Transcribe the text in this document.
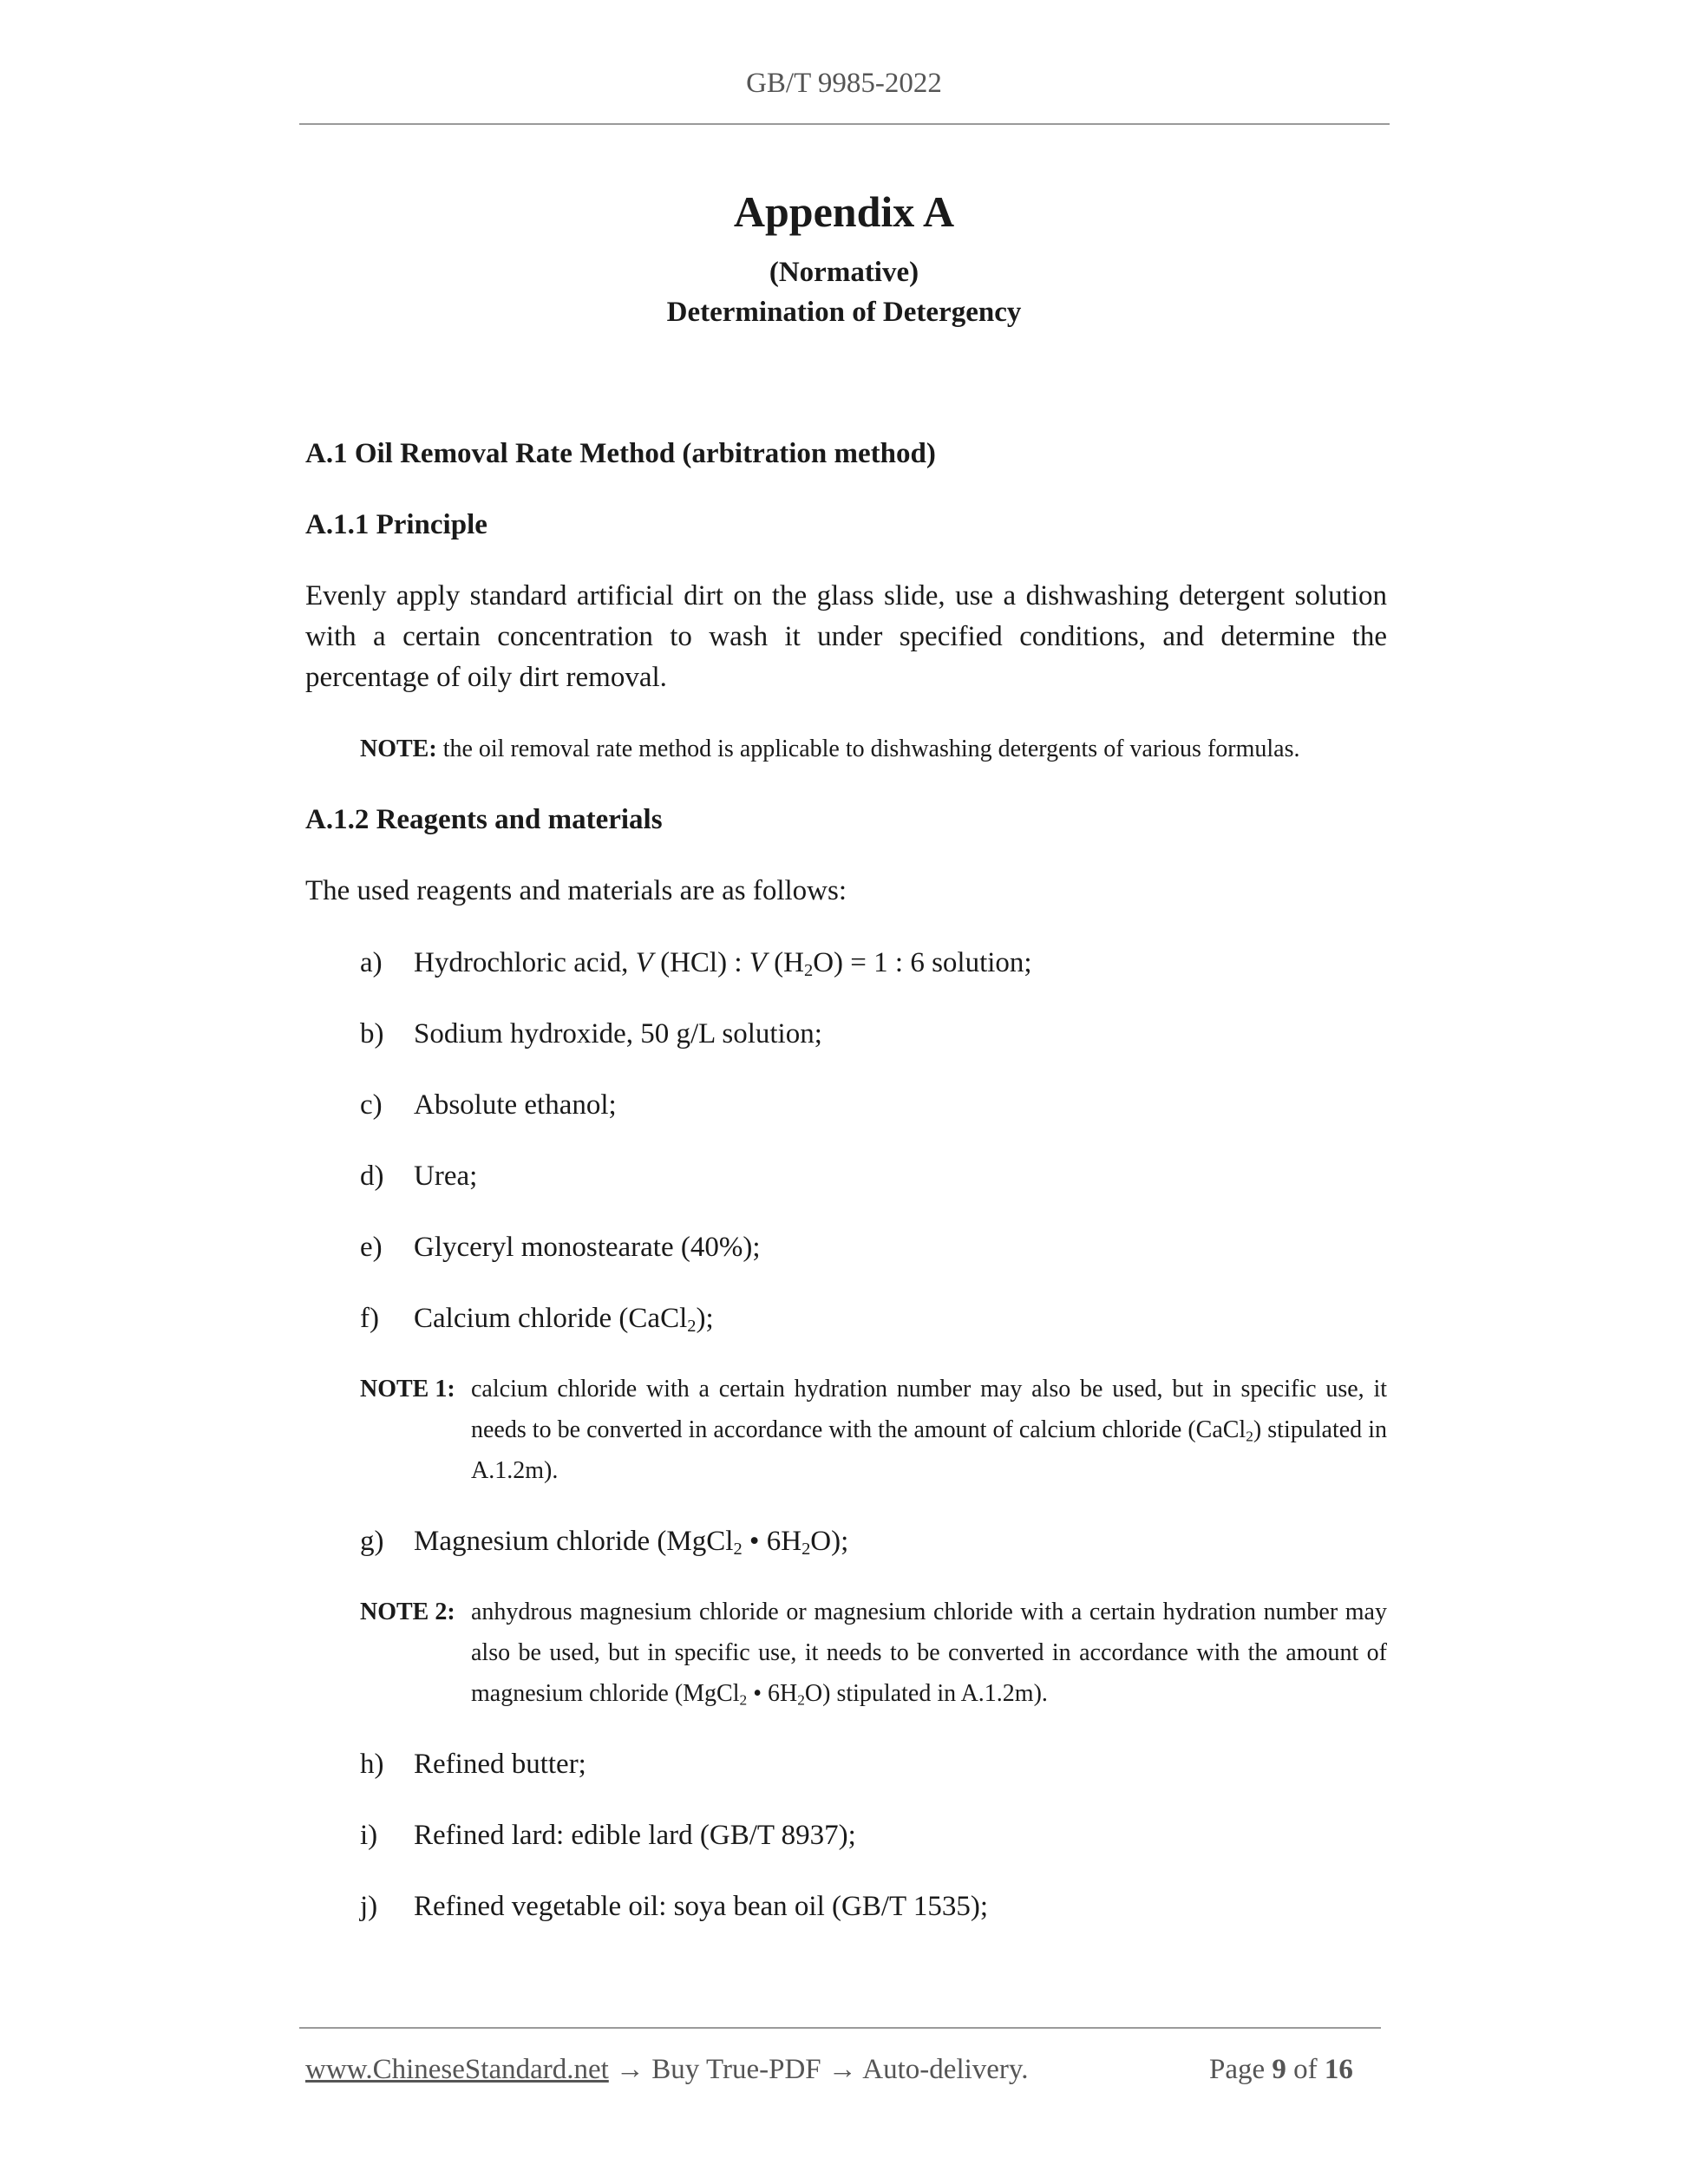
GB/T 9985-2022
Appendix A
(Normative)
Determination of Detergency
A.1 Oil Removal Rate Method (arbitration method)
A.1.1 Principle
Evenly apply standard artificial dirt on the glass slide, use a dishwashing detergent solution with a certain concentration to wash it under specified conditions, and determine the percentage of oily dirt removal.
NOTE: the oil removal rate method is applicable to dishwashing detergents of various formulas.
A.1.2 Reagents and materials
The used reagents and materials are as follows:
a) Hydrochloric acid, V (HCl) : V $(H_2O) = 1$ : 6 solution;
b) Sodium hydroxide, 50 g/L solution;
c) Absolute ethanol;
d) Urea;
e) Glyceryl monostearate (40%);
f) Calcium chloride (CaCl$_2$);
NOTE 1: calcium chloride with a certain hydration number may also be used, but in specific use, it needs to be converted in accordance with the amount of calcium chloride (CaCl$_2$) stipulated in A.1.2m).
g) Magnesium chloride (MgCl$_2$ • $6H_2O$);
NOTE 2: anhydrous magnesium chloride or magnesium chloride with a certain hydration number may also be used, but in specific use, it needs to be converted in accordance with the amount of magnesium chloride (MgCl$_2$ • $6H_2O$) stipulated in A.1.2m).
h) Refined butter;
i) Refined lard: edible lard (GB/T 8937);
j) Refined vegetable oil: soya bean oil (GB/T 1535);
www.ChineseStandard.net → Buy True-PDF → Auto-delivery.	Page 9 of 16
